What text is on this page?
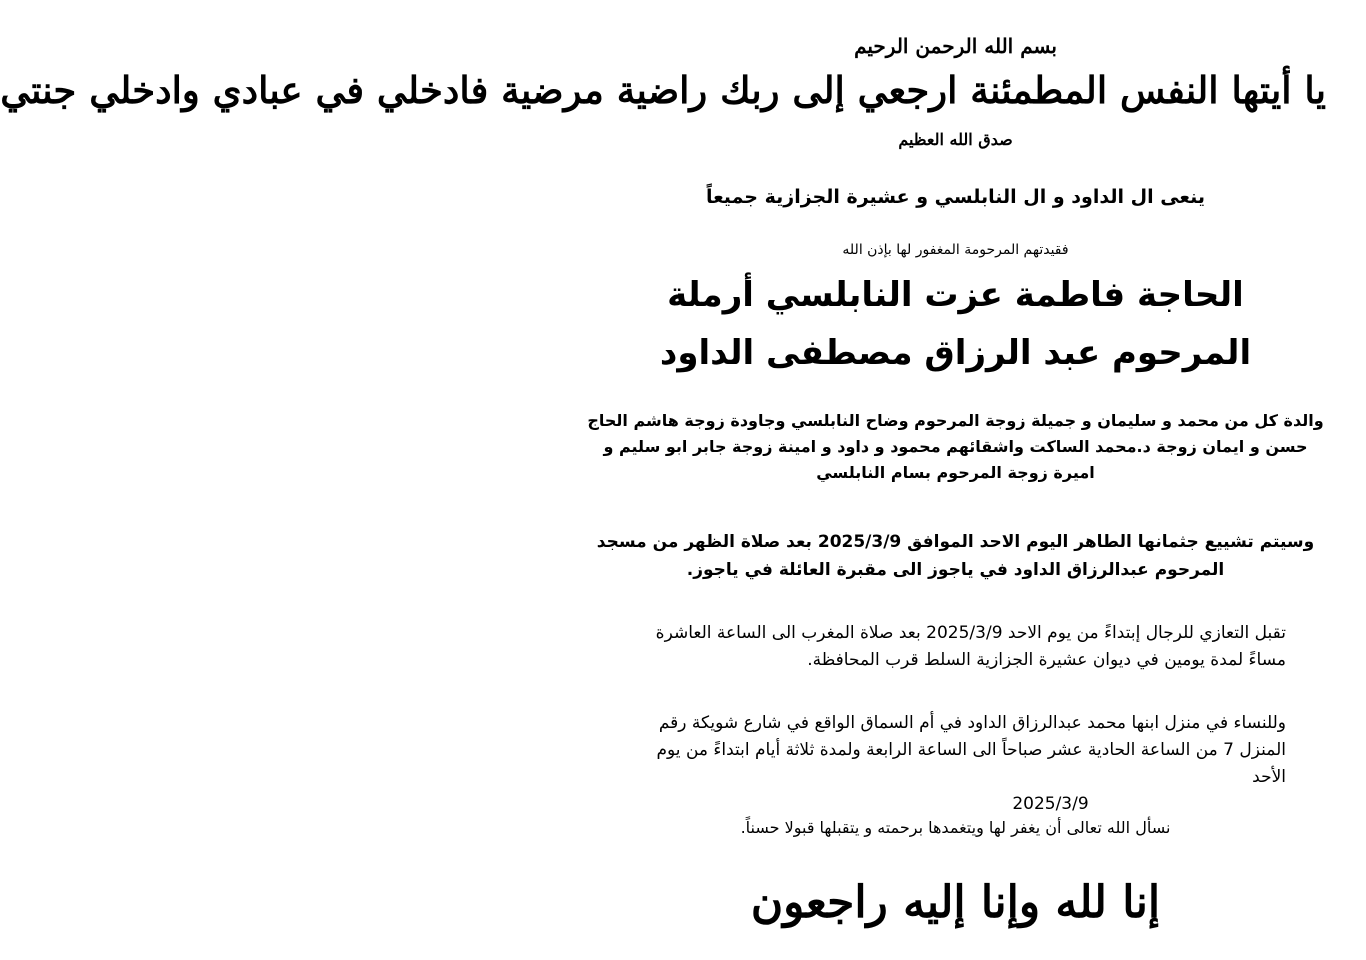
بسم الله الرحمن الرحيم
يا أيتها النفس المطمئنة ارجعي إلى ربك راضية مرضية فادخلي في عبادي وادخلي جنتي
صدق الله العظيم
ينعى ال الداود و ال النابلسي و عشيرة الجزازية جميعاً
فقيدتهم المرحومة المغفور لها بإذن الله
الحاجة فاطمة عزت النابلسي أرملة المرحوم عبد الرزاق مصطفى الداود
والدة كل من محمد و سليمان و جميلة زوجة المرحوم وضاح النابلسي وجاودة زوجة هاشم الحاج حسن و ايمان زوجة د.محمد الساكت واشقائهم محمود و داود و امينة زوجة جابر ابو سليم و اميرة زوجة المرحوم بسام النابلسي
وسيتم تشييع جثمانها الطاهر اليوم الاحد الموافق 2025/3/9 بعد صلاة الظهر من مسجد المرحوم عبدالرزاق الداود في ياجوز الى مقبرة العائلة في ياجوز.
تقبل التعازي للرجال إبتداءً من يوم الاحد 2025/3/9 بعد صلاة المغرب الى الساعة العاشرة مساءً لمدة يومين في ديوان عشيرة الجزازية السلط قرب المحافظة.
وللنساء في منزل ابنها محمد عبدالرزاق الداود في أم السماق الواقع في شارع شويكة رقم المنزل 7 من الساعة الحادية عشر صباحاً الى الساعة الرابعة ولمدة ثلاثة أيام ابتداءً من يوم الأحد
2025/3/9
نسأل الله تعالى أن يغفر لها ويتغمدها برحمته و يتقبلها قبولا حسناً.
إنا لله وإنا إليه راجعون
